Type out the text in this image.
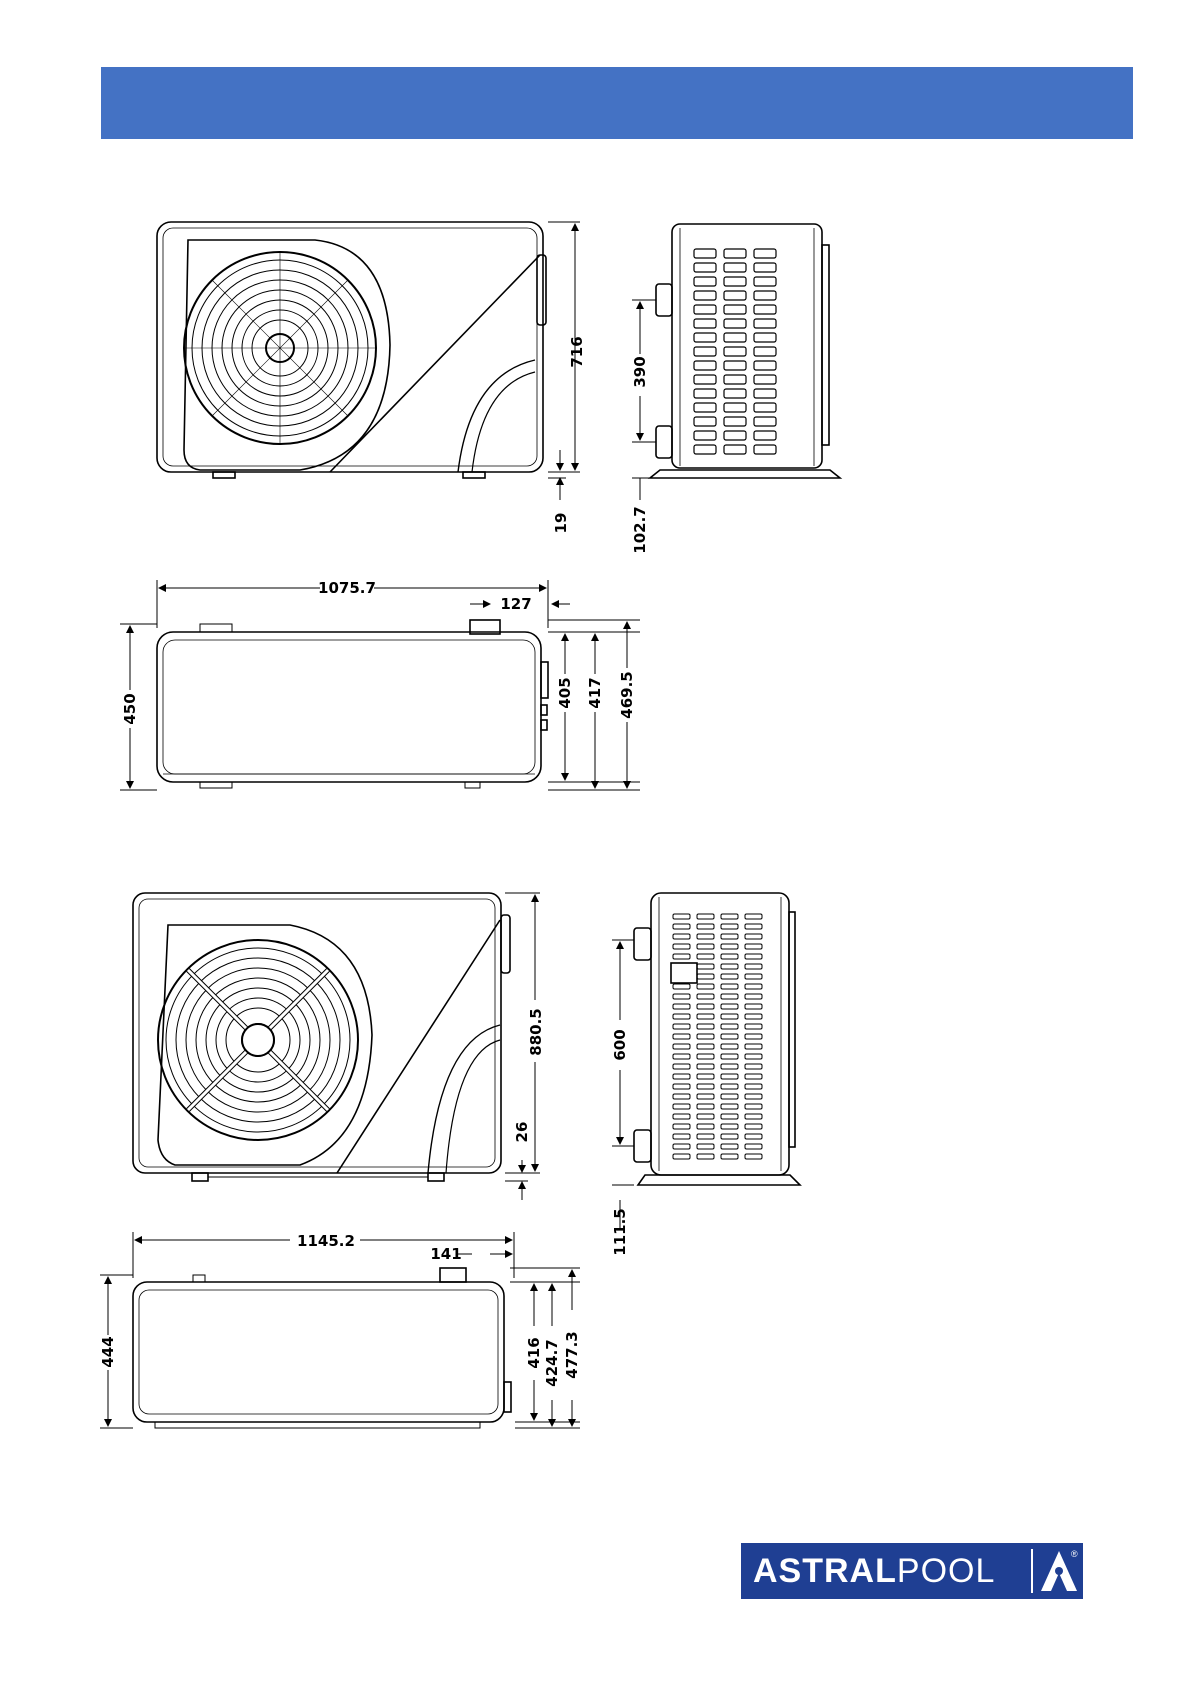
716
19
390
102.7
1075.7
127
450
405 417 469.5
880.5
26
600
111.5
1145.2
141
444	416 424.7 477.3
ASTRALPOOL	®
